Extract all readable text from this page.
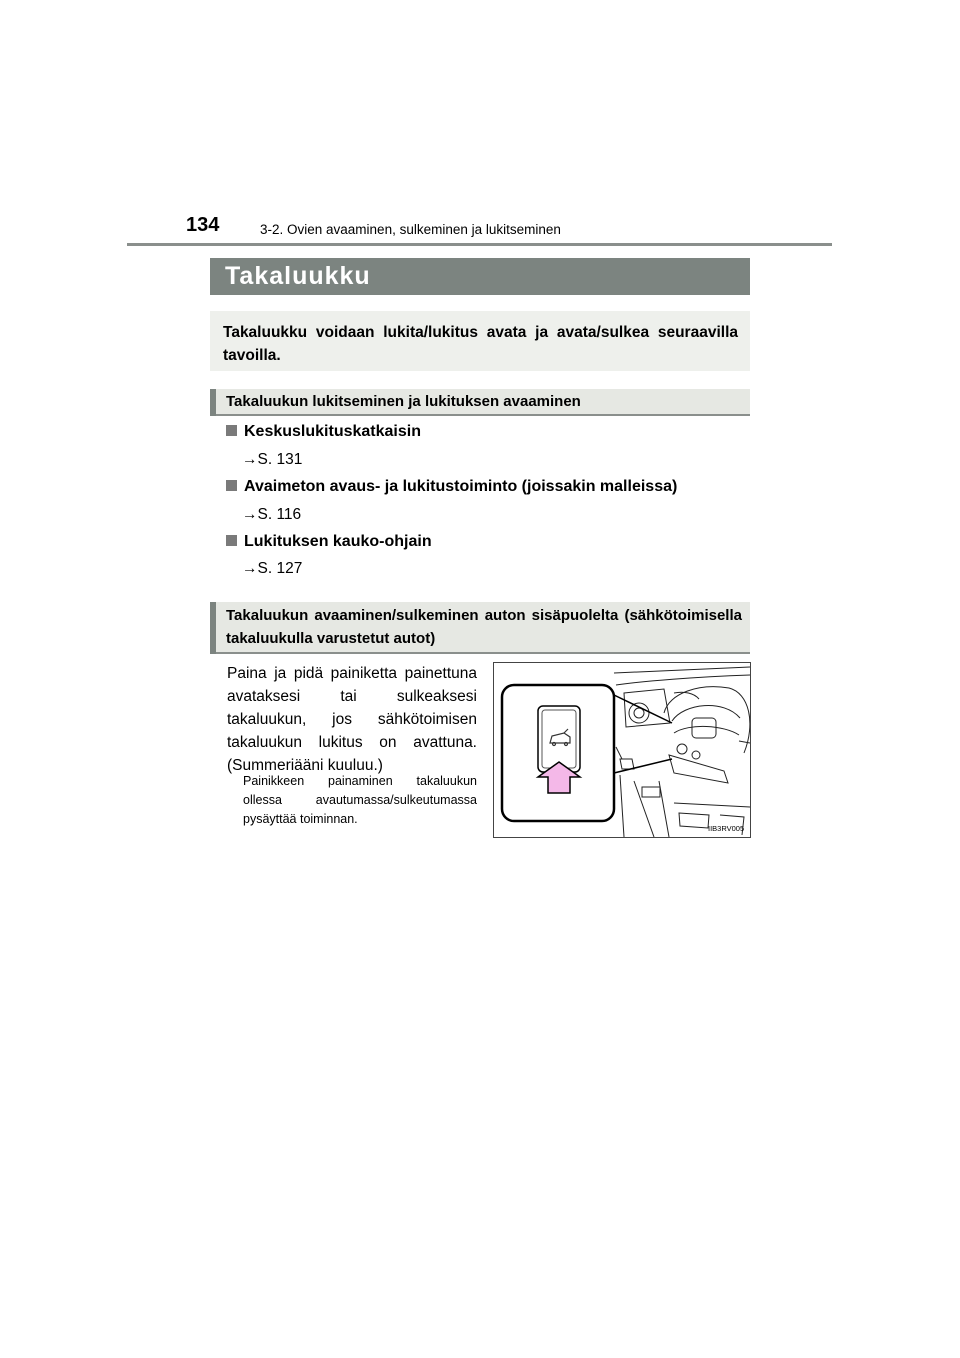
134	3-2. Ovien avaaminen, sulkeminen ja lukitseminen
Takaluukku

Takaluukku voidaan lukita/lukitus avata ja avata/sulkea seuraavilla tavoilla.

Takaluukun lukitseminen ja lukituksen avaaminen

Keskuslukituskatkaisin
→S. 131
Avaimeton avaus- ja lukitustoiminto (joissakin malleissa)
→S. 116
Lukituksen kauko-ohjain
→S. 127

Takaluukun avaaminen/sulkeminen auton sisäpuolelta (sähkötoimisella takaluukulla varustetut autot)

Paina ja pidä painiketta painettuna avataksesi tai sulkeaksesi takaluukun, jos sähkötoimisen takaluukun lukitus on avattuna. (Summeriääni kuuluu.)

Painikkeen painaminen takaluukun ollessa avautumassa/sulkeutumassa pysäyttää toiminnan.

IIB3RV005
